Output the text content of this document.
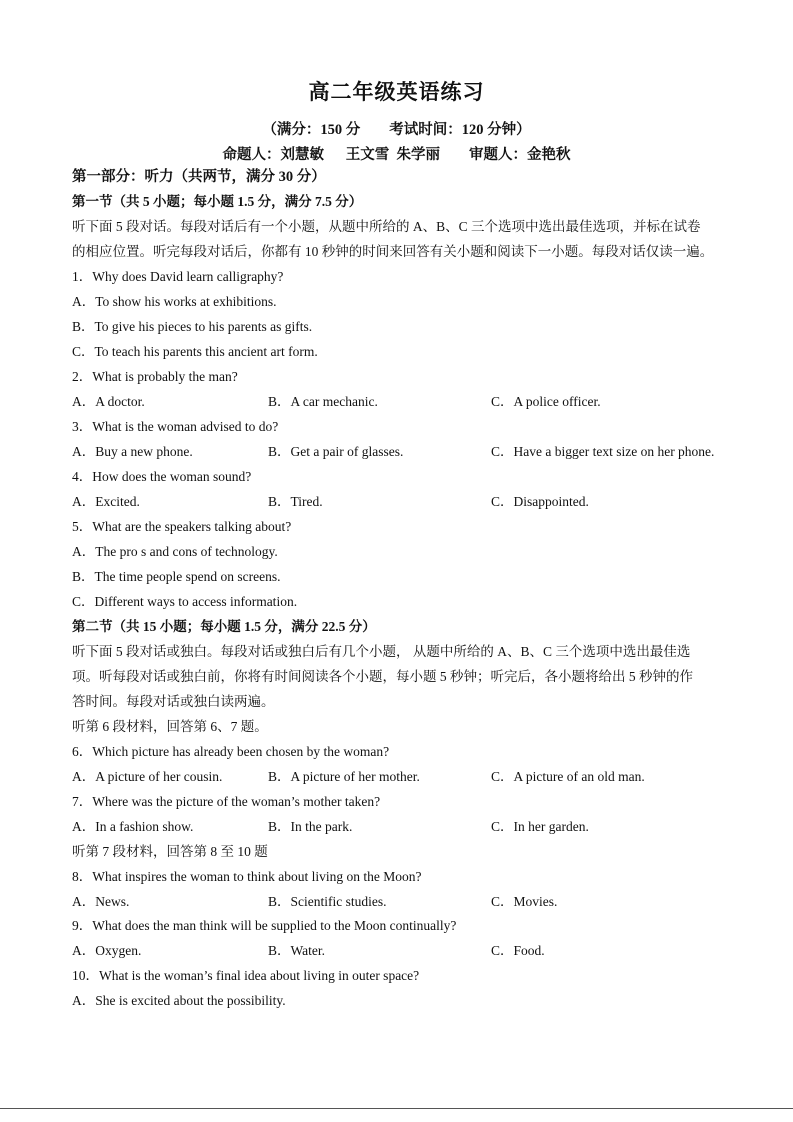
高二年级英语练习
（满分：150 分        考试时间：120 分钟）
命题人：刘慧敏      王文雪  朱学丽        审题人：金艳秋
第一部分：听力（共两节，满分 30 分）
第一节（共 5 小题；每小题 1.5 分，满分 7.5 分）
听下面 5 段对话。每段对话后有一个小题，从题中所给的 A、B、C 三个选项中选出最佳选项，并标在试卷
的相应位置。听完每段对话后，你都有 10 秒钟的时间来回答有关小题和阅读下一小题。每段对话仅读一遍。
1．Why does David learn calligraphy?
A．To show his works at exhibitions.
B．To give his pieces to his parents as gifts.
C．To teach his parents this ancient art form.
2．What is probably the man?
A．A doctor.	B．A car mechanic.	C．A police officer.
3．What is the woman advised to do?
A．Buy a new phone.	B．Get a pair of glasses.	C．Have a bigger text size on her phone.
4．How does the woman sound?
A．Excited.	B．Tired.	C．Disappointed.
5．What are the speakers talking about?
A．The pro s and cons of technology.
B．The time people spend on screens.
C．Different ways to access information.
第二节（共 15 小题；每小题 1.5 分，满分 22.5 分）
听下面 5 段对话或独白。每段对话或独白后有几个小题， 从题中所给的 A、B、C 三个选项中选出最佳选
项。听每段对话或独白前，你将有时间阅读各个小题，每小题 5 秒钟；听完后，各小题将给出 5 秒钟的作
答时间。每段对话或独白读两遍。
听第 6 段材料，回答第 6、7 题。
6．Which picture has already been chosen by the woman?
A．A picture of her cousin.	B．A picture of her mother.	C．A picture of an old man.
7．Where was the picture of the woman’s mother taken?
A．In a fashion show.	B．In the park.	C．In her garden.
听第 7 段材料，回答第 8 至 10 题
8．What inspires the woman to think about living on the Moon?
A．News.	B．Scientific studies.	C．Movies.
9．What does the man think will be supplied to the Moon continually?
A．Oxygen.	B．Water.	C．Food.
10．What is the woman’s final idea about living in outer space?
A．She is excited about the possibility.
